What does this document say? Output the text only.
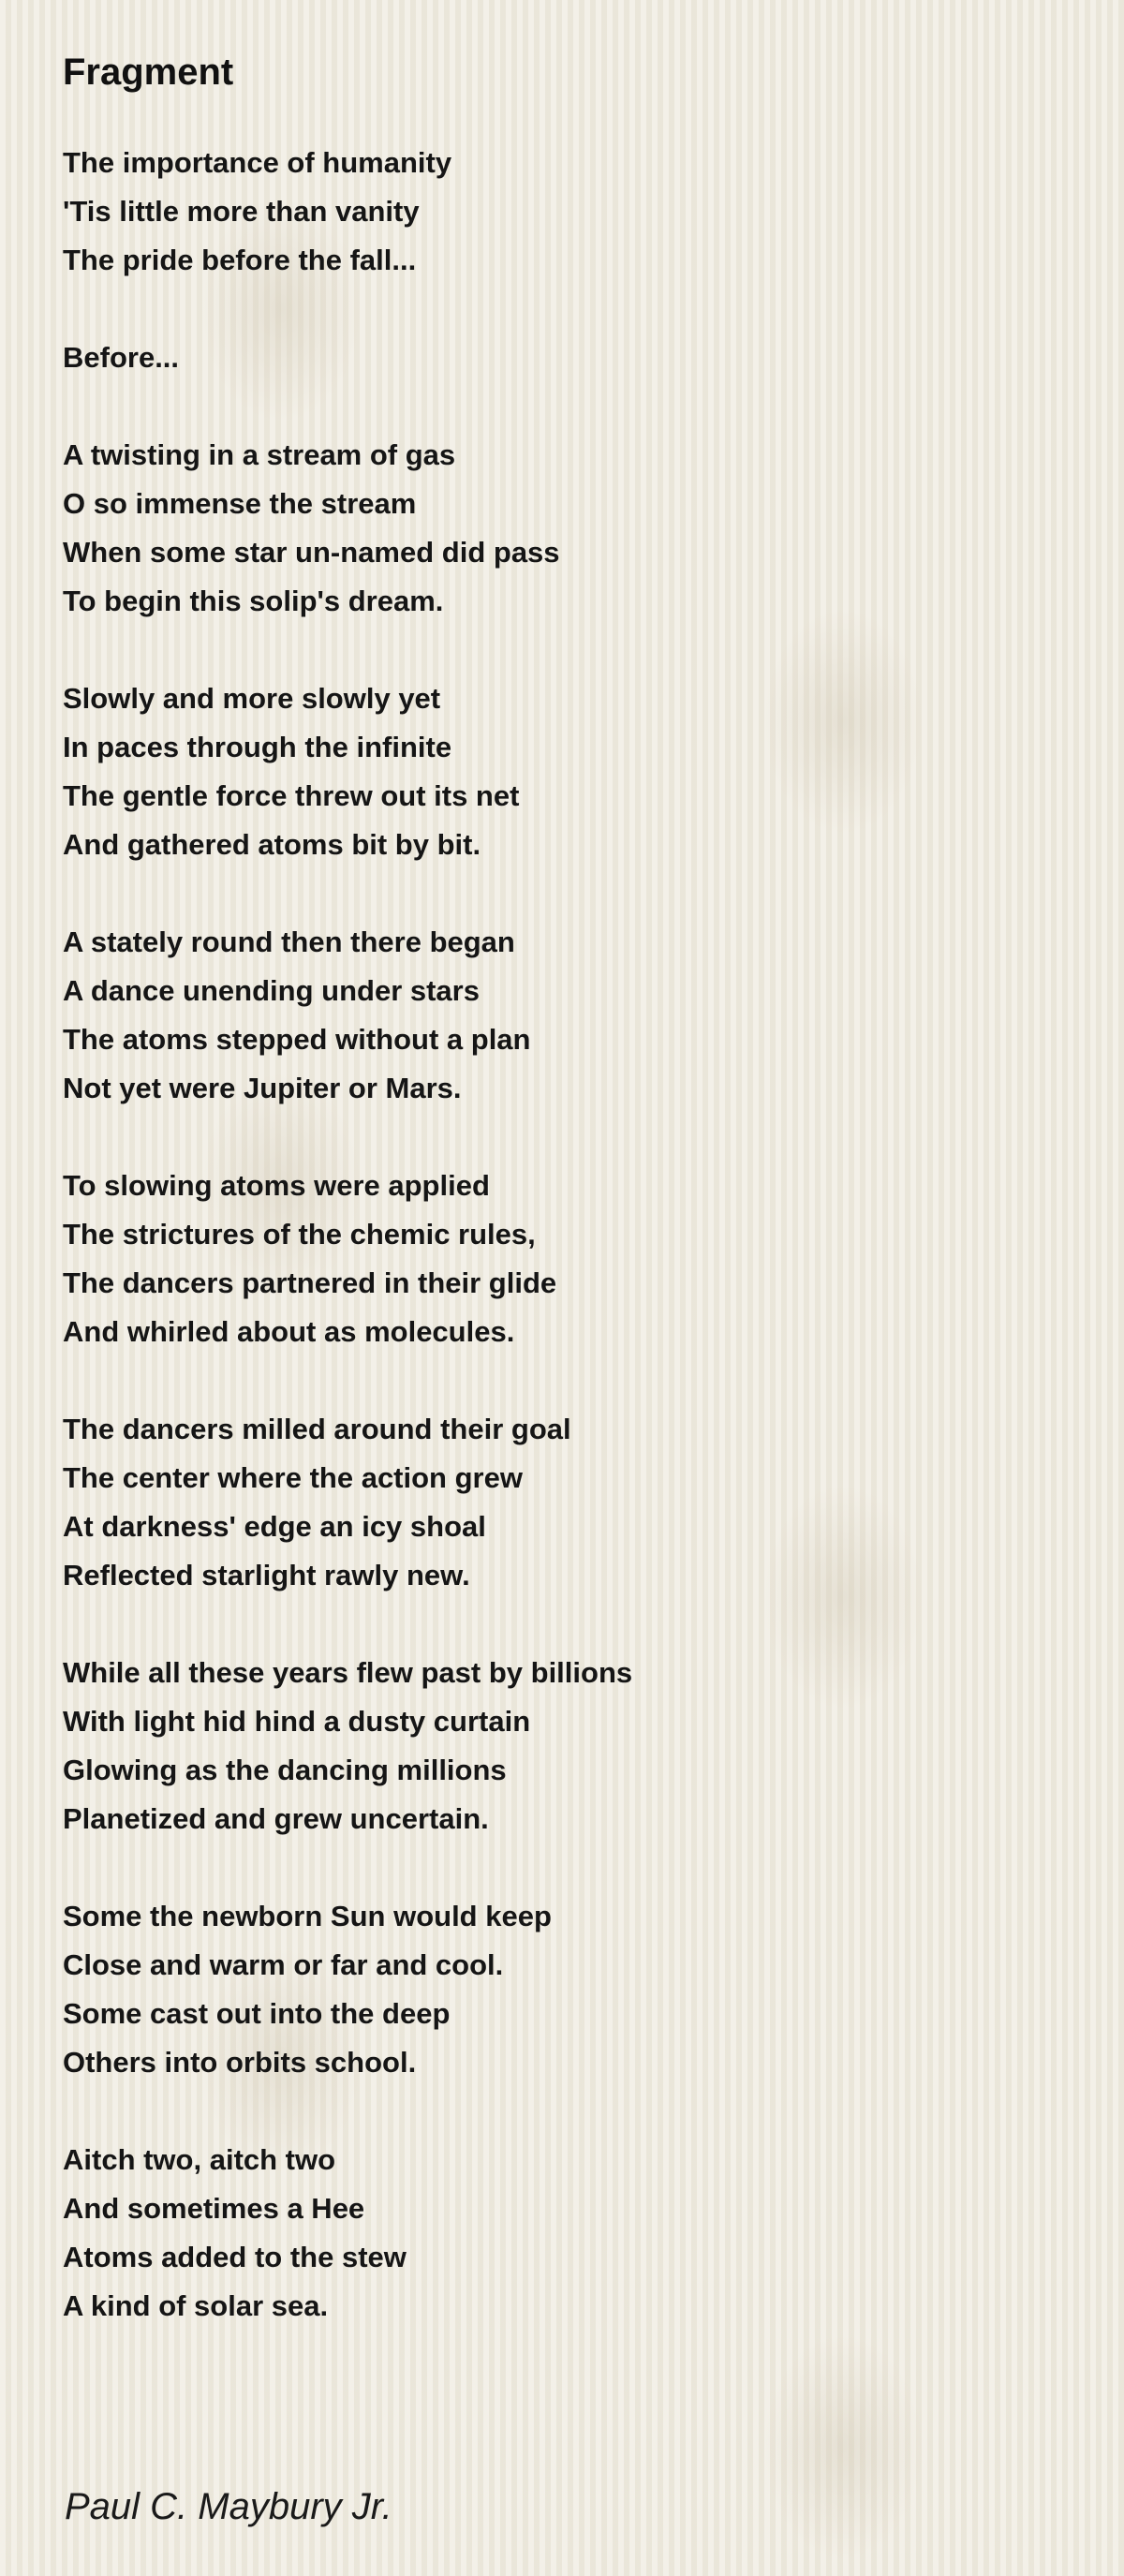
Fragment
The importance of humanity
'Tis little more than vanity
The pride before the fall...
Before...
A twisting in a stream of gas
O so immense the stream
When some star un-named did pass
To begin this solip's dream.
Slowly and more slowly yet
In paces through the infinite
The gentle force threw out its net
And gathered atoms bit by bit.
A stately round then there began
A dance unending under stars
The atoms stepped without a plan
Not yet were Jupiter or Mars.
To slowing atoms were applied
The strictures of the chemic rules,
The dancers partnered in their glide
And whirled about as molecules.
The dancers milled around their goal
The center where the action grew
At darkness' edge an icy shoal
Reflected starlight rawly new.
While all these years flew past by billions
With light hid hind a dusty curtain
Glowing as the dancing millions
Planetized and grew uncertain.
Some the newborn Sun would keep
Close and warm or far and cool.
Some cast out into the deep
Others into orbits school.
Aitch two, aitch two
And sometimes a Hee
Atoms added to the stew
A kind of solar sea.

Paul C. Maybury Jr.
